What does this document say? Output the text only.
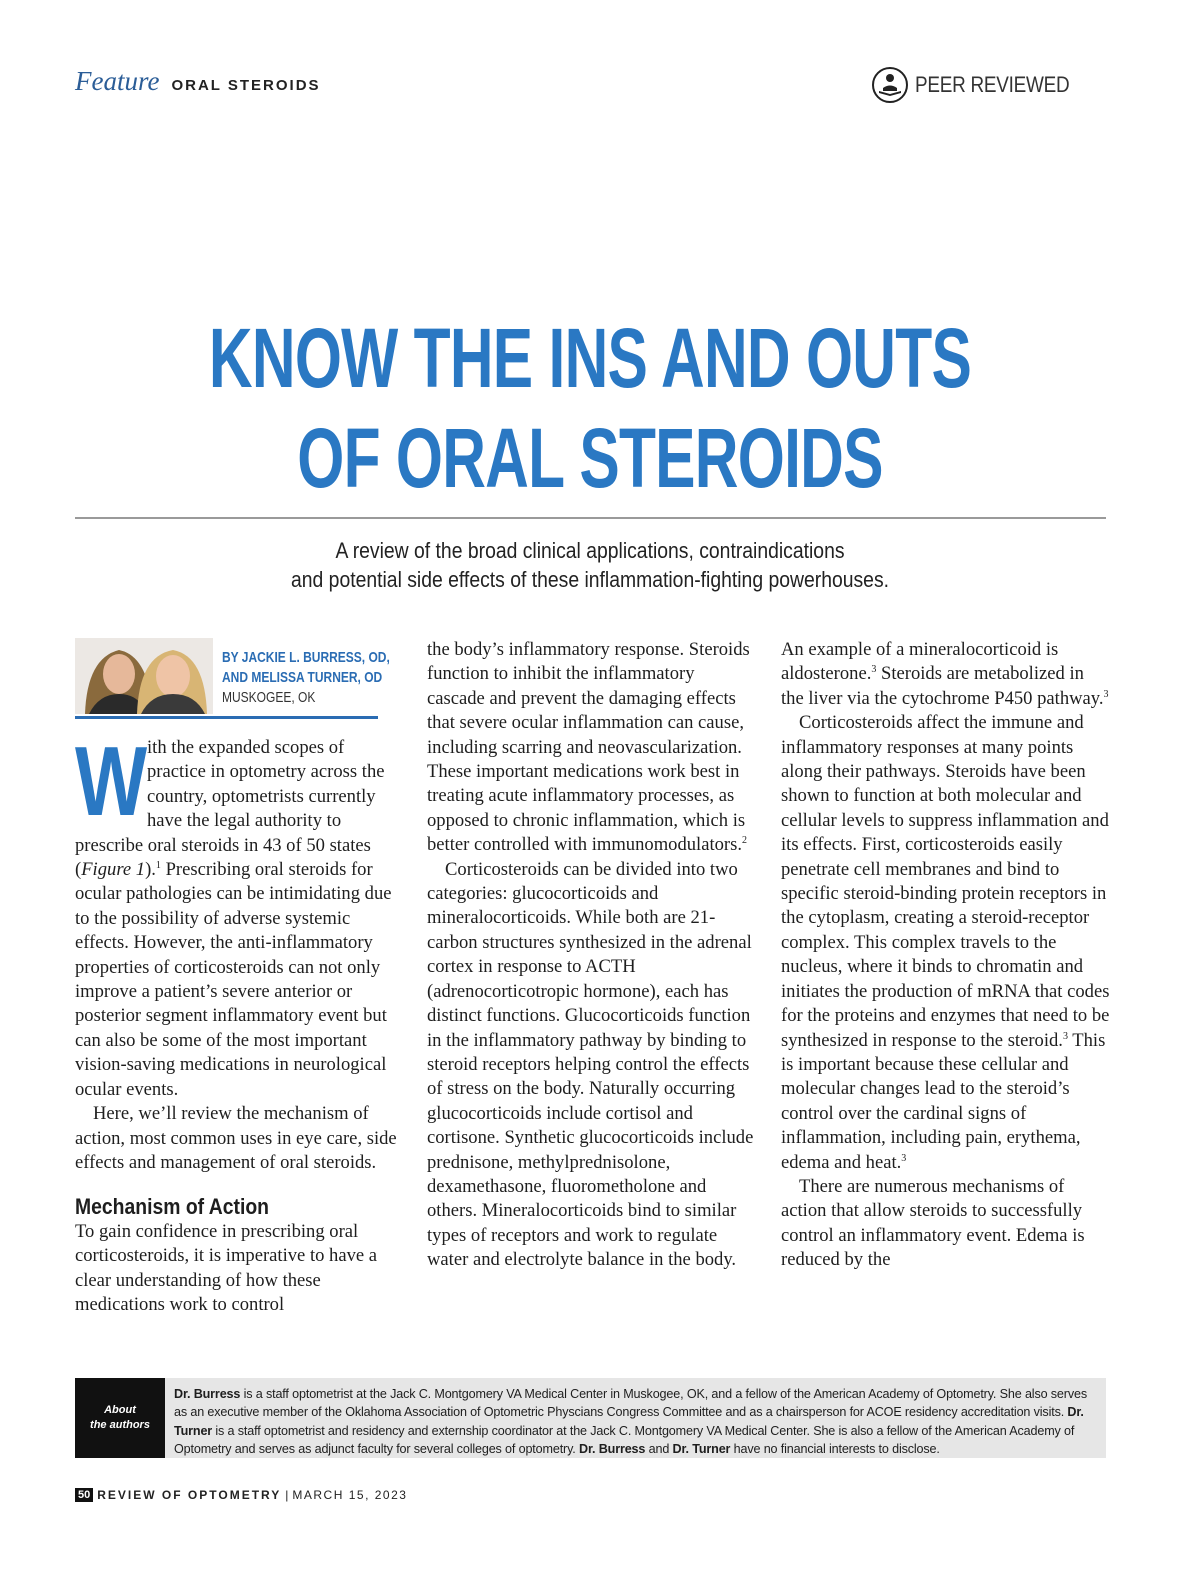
Feature ORAL STEROIDS	PEER REVIEWED
KNOW THE INS AND OUTS
OF ORAL STEROIDS
A review of the broad clinical applications, contraindications
and potential side effects of these inflammation-fighting powerhouses.
BY JACKIE L. BURRESS, OD,
AND MELISSA TURNER, OD
MUSKOGEE, OK
W ith the expanded scopes of practice in optometry across the country, optometrists currently have the legal authority to prescribe oral steroids in 43 of 50 states (Figure 1).$^1$ Prescribing oral steroids for ocular pathologies can be intimidating due to the possibility of adverse systemic effects. However, the anti-inflammatory properties of corticosteroids can not only improve a patient’s severe anterior or posterior segment inflammatory event but can also be some of the most important vision-saving medications in neurological ocular events.

Here, we’ll review the mechanism of action, most common uses in eye care, side effects and management of oral steroids.

Mechanism of Action

To gain confidence in prescribing oral corticosteroids, it is imperative to have a clear understanding of how these medications work to control

the body’s inflammatory response. Steroids function to inhibit the inflammatory cascade and prevent the damaging effects that severe ocular inflammation can cause, including scarring and neovascularization. These important medications work best in treating acute inflammatory processes, as opposed to chronic inflammation, which is better controlled with immunomodulators.$^2$

Corticosteroids can be divided into two categories: glucocorticoids and mineralocorticoids. While both are 21-carbon structures synthesized in the adrenal cortex in response to ACTH (adrenocorticotropic hormone), each has distinct functions. Glucocorticoids function in the inflammatory pathway by binding to steroid receptors helping control the effects of stress on the body. Naturally occurring glucocorticoids include cortisol and cortisone. Synthetic glucocorticoids include prednisone, methylprednisolone, dexamethasone, fluorometholone and others. Mineralocorticoids bind to similar types of receptors and work to regulate water and electrolyte balance in the body.

An example of a mineralocorticoid is aldosterone.$^3$ Steroids are metabolized in the liver via the cytochrome P450 pathway.$^3$

Corticosteroids affect the immune and inflammatory responses at many points along their pathways. Steroids have been shown to function at both molecular and cellular levels to suppress inflammation and its effects. First, corticosteroids easily penetrate cell membranes and bind to specific steroid-binding protein receptors in the cytoplasm, creating a steroid-receptor complex. This complex travels to the nucleus, where it binds to chromatin and initiates the production of mRNA that codes for the proteins and enzymes that need to be synthesized in response to the steroid.$^3$ This is important because these cellular and molecular changes lead to the steroid’s control over the cardinal signs of inflammation, including pain, erythema, edema and heat.$^3$

There are numerous mechanisms of action that allow steroids to successfully control an inflammatory event. Edema is reduced by the

About
the authors
Dr. Burress is a staff optometrist at the Jack C. Montgomery VA Medical Center in Muskogee, OK, and a fellow of the American Academy of Optometry. She also serves as an executive member of the Oklahoma Association of Optometric Physcians Congress Committee and as a chairsperson for ACOE residency accreditation visits. Dr. Turner is a staff optometrist and residency and externship coordinator at the Jack C. Montgomery VA Medical Center. She is also a fellow of the American Academy of Optometry and serves as adjunct faculty for several colleges of optometry. Dr. Burress and Dr. Turner have no financial interests to disclose.
50 REVIEW OF OPTOMETRY | MARCH 15, 2023
